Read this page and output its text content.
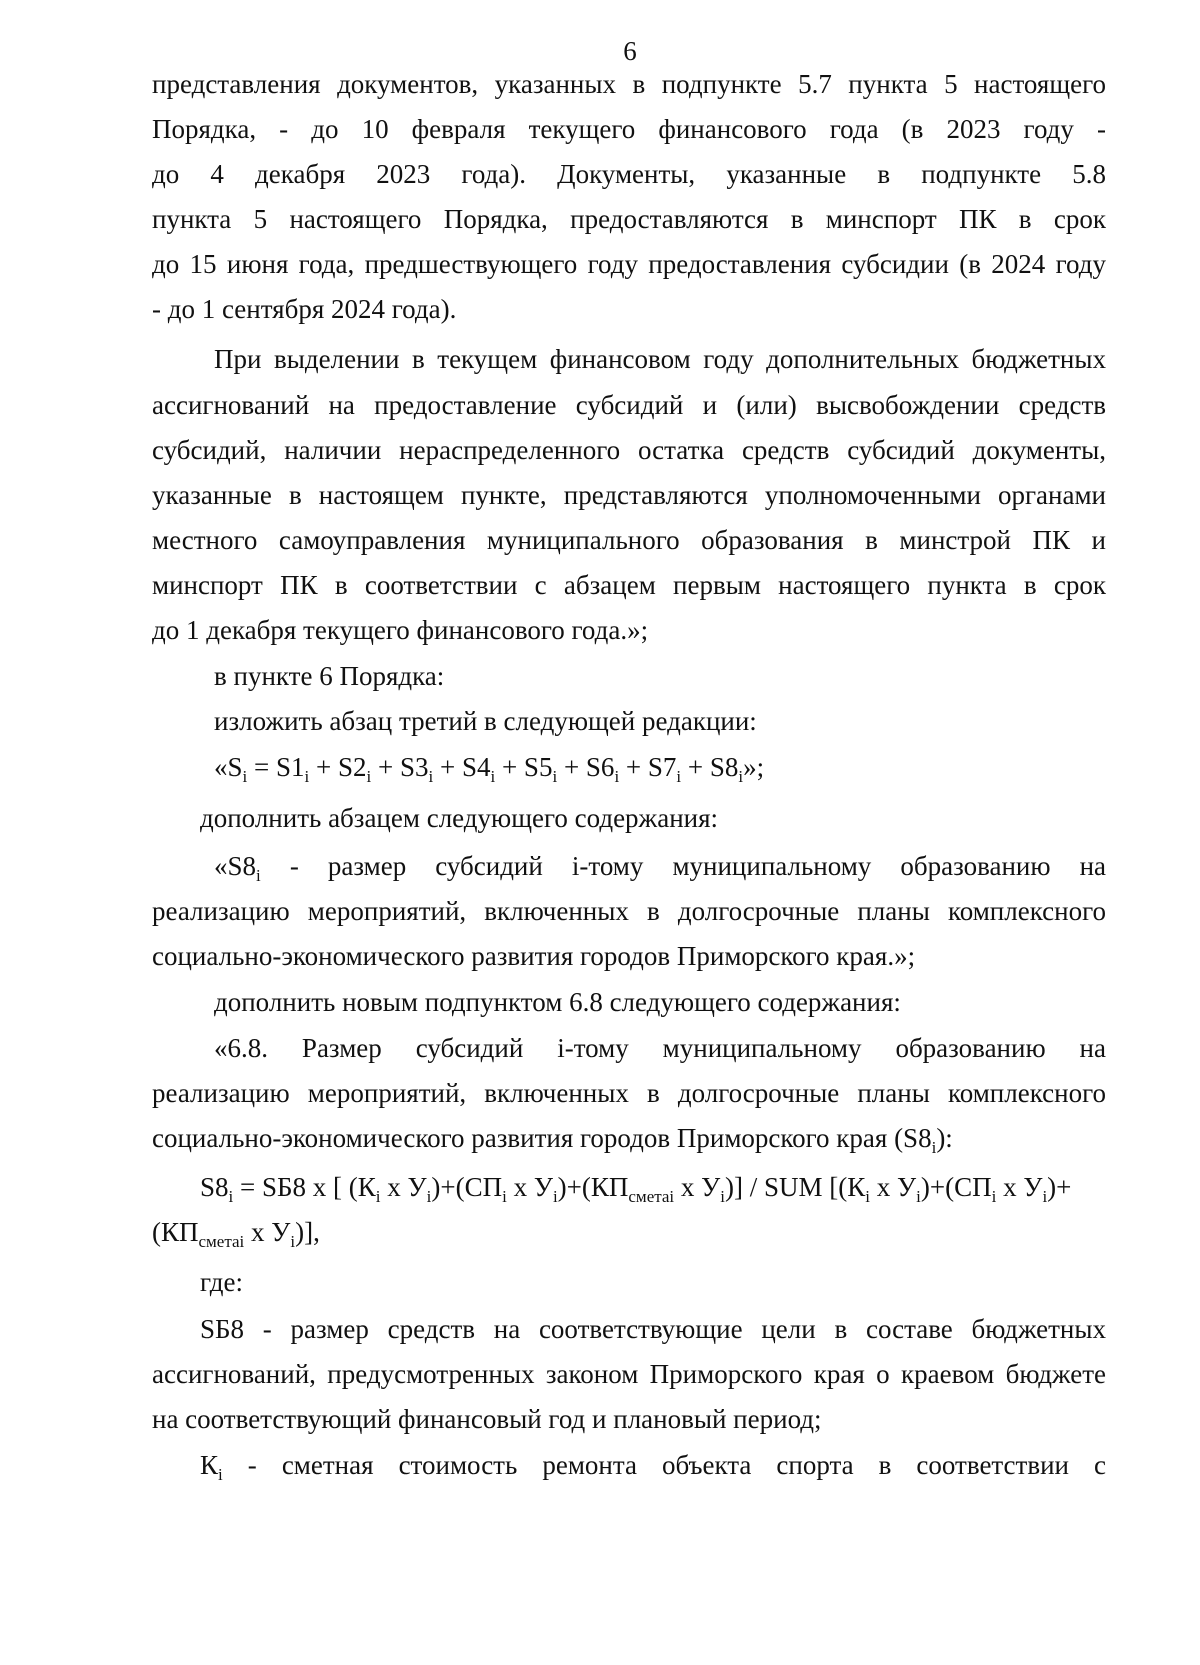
6
представления документов, указанных в подпункте 5.7 пункта 5 настоящего
Порядка, - до 10 февраля текущего финансового года (в 2023 году -
до 4 декабря 2023 года). Документы, указанные в подпункте 5.8
пункта 5 настоящего Порядка, предоставляются в минспорт ПК в срок
до 15 июня года, предшествующего году предоставления субсидии (в 2024 году
- до 1 сентября 2024 года).
При выделении в текущем финансовом году дополнительных бюджетных
ассигнований на предоставление субсидий и (или) высвобождении средств
субсидий, наличии нераспределенного остатка средств субсидий документы,
указанные в настоящем пункте, представляются уполномоченными органами
местного самоуправления муниципального образования в минстрой ПК и
минспорт ПК в соответствии с абзацем первым настоящего пункта в срок
до 1 декабря текущего финансового года.»;
в пункте 6 Порядка:
изложить абзац третий в следующей редакции:
«$S_i = S1_i + S2_i + S3_i + S4_i + S5_i + S6_i + S7_i + S8_i$»;
дополнить абзацем следующего содержания:
«$S8_i$ - размер субсидий i-тому муниципальному образованию на
реализацию мероприятий, включенных в долгосрочные планы комплексного
социально-экономического развития городов Приморского края.»;
дополнить новым подпунктом 6.8 следующего содержания:
«6.8. Размер субсидий i-тому муниципальному образованию на
реализацию мероприятий, включенных в долгосрочные планы комплексного
социально-экономического развития городов Приморского края $(S8_i)$:
$S8_i = SБ8$ х [ ($К_i$ х $У_i)+(СП_i$ х $У_i)+(КП_{сметаi}$ х $У_i$)] / SUM [($К_i$ х $У_i)+(СП_i$ х $У_i)+$
($КП_{сметаi}$ х $У_i$)],
где:
SБ8 - размер средств на соответствующие цели в составе бюджетных
ассигнований, предусмотренных законом Приморского края о краевом бюджете
на соответствующий финансовый год и плановый период;
$К_i$ - сметная стоимость ремонта объекта спорта в соответствии с
